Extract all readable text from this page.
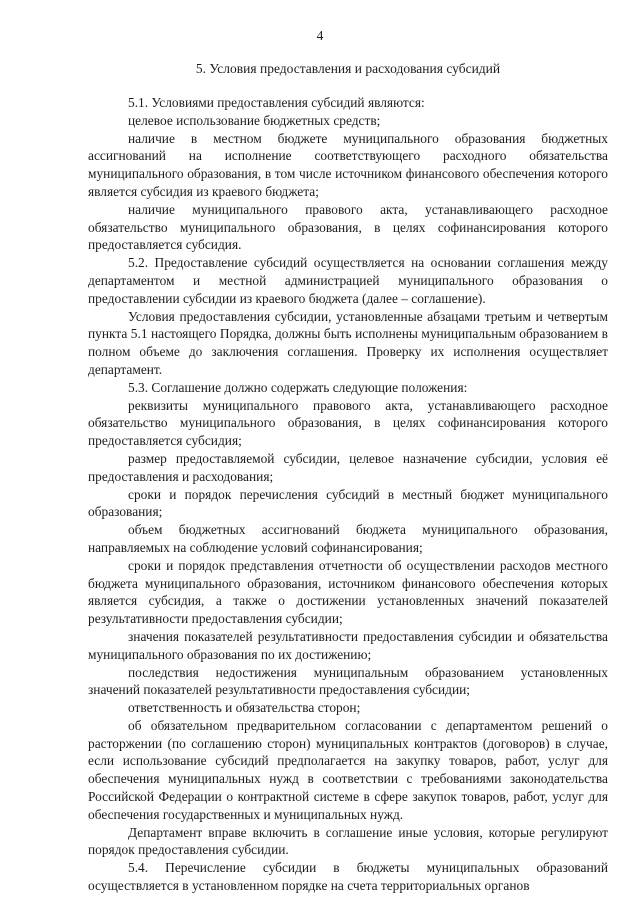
4
5. Условия предоставления и расходования субсидий

5.1. Условиями предоставления субсидий являются:

целевое использование бюджетных средств;

наличие в местном бюджете муниципального образования бюджетных ассигнований на исполнение соответствующего расходного обязательства муниципального образования, в том числе источником финансового обеспечения которого является субсидия из краевого бюджета;

наличие муниципального правового акта, устанавливающего расходное обязательство муниципального образования, в целях софинансирования которого предоставляется субсидия.

5.2. Предоставление субсидий осуществляется на основании соглашения между департаментом и местной администрацией муниципального образования о предоставлении субсидии из краевого бюджета (далее – соглашение).

Условия предоставления субсидии, установленные абзацами третьим и четвертым пункта 5.1 настоящего Порядка, должны быть исполнены муниципальным образованием в полном объеме до заключения соглашения. Проверку их исполнения осуществляет департамент.

5.3. Соглашение должно содержать следующие положения:

реквизиты муниципального правового акта, устанавливающего расходное обязательство муниципального образования, в целях софинансирования которого предоставляется субсидия;

размер предоставляемой субсидии, целевое назначение субсидии, условия её предоставления и расходования;

сроки и порядок перечисления субсидий в местный бюджет муниципального образования;

объем бюджетных ассигнований бюджета муниципального образования, направляемых на соблюдение условий софинансирования;

сроки и порядок представления отчетности об осуществлении расходов местного бюджета муниципального образования, источником финансового обеспечения которых является субсидия, а также о достижении установленных значений показателей результативности предоставления субсидии;

значения показателей результативности предоставления субсидии и обязательства муниципального образования по их достижению;

последствия недостижения муниципальным образованием установленных значений показателей результативности предоставления субсидии;

ответственность и обязательства сторон;

об обязательном предварительном согласовании с департаментом решений о расторжении (по соглашению сторон) муниципальных контрактов (договоров) в случае, если использование субсидий предполагается на закупку товаров, работ, услуг для обеспечения муниципальных нужд в соответствии с требованиями законодательства Российской Федерации о контрактной системе в сфере закупок товаров, работ, услуг для обеспечения государственных и муниципальных нужд.

Департамент вправе включить в соглашение иные условия, которые регулируют порядок предоставления субсидии.

5.4. Перечисление субсидии в бюджеты муниципальных образований осуществляется в установленном порядке на счета территориальных органов
